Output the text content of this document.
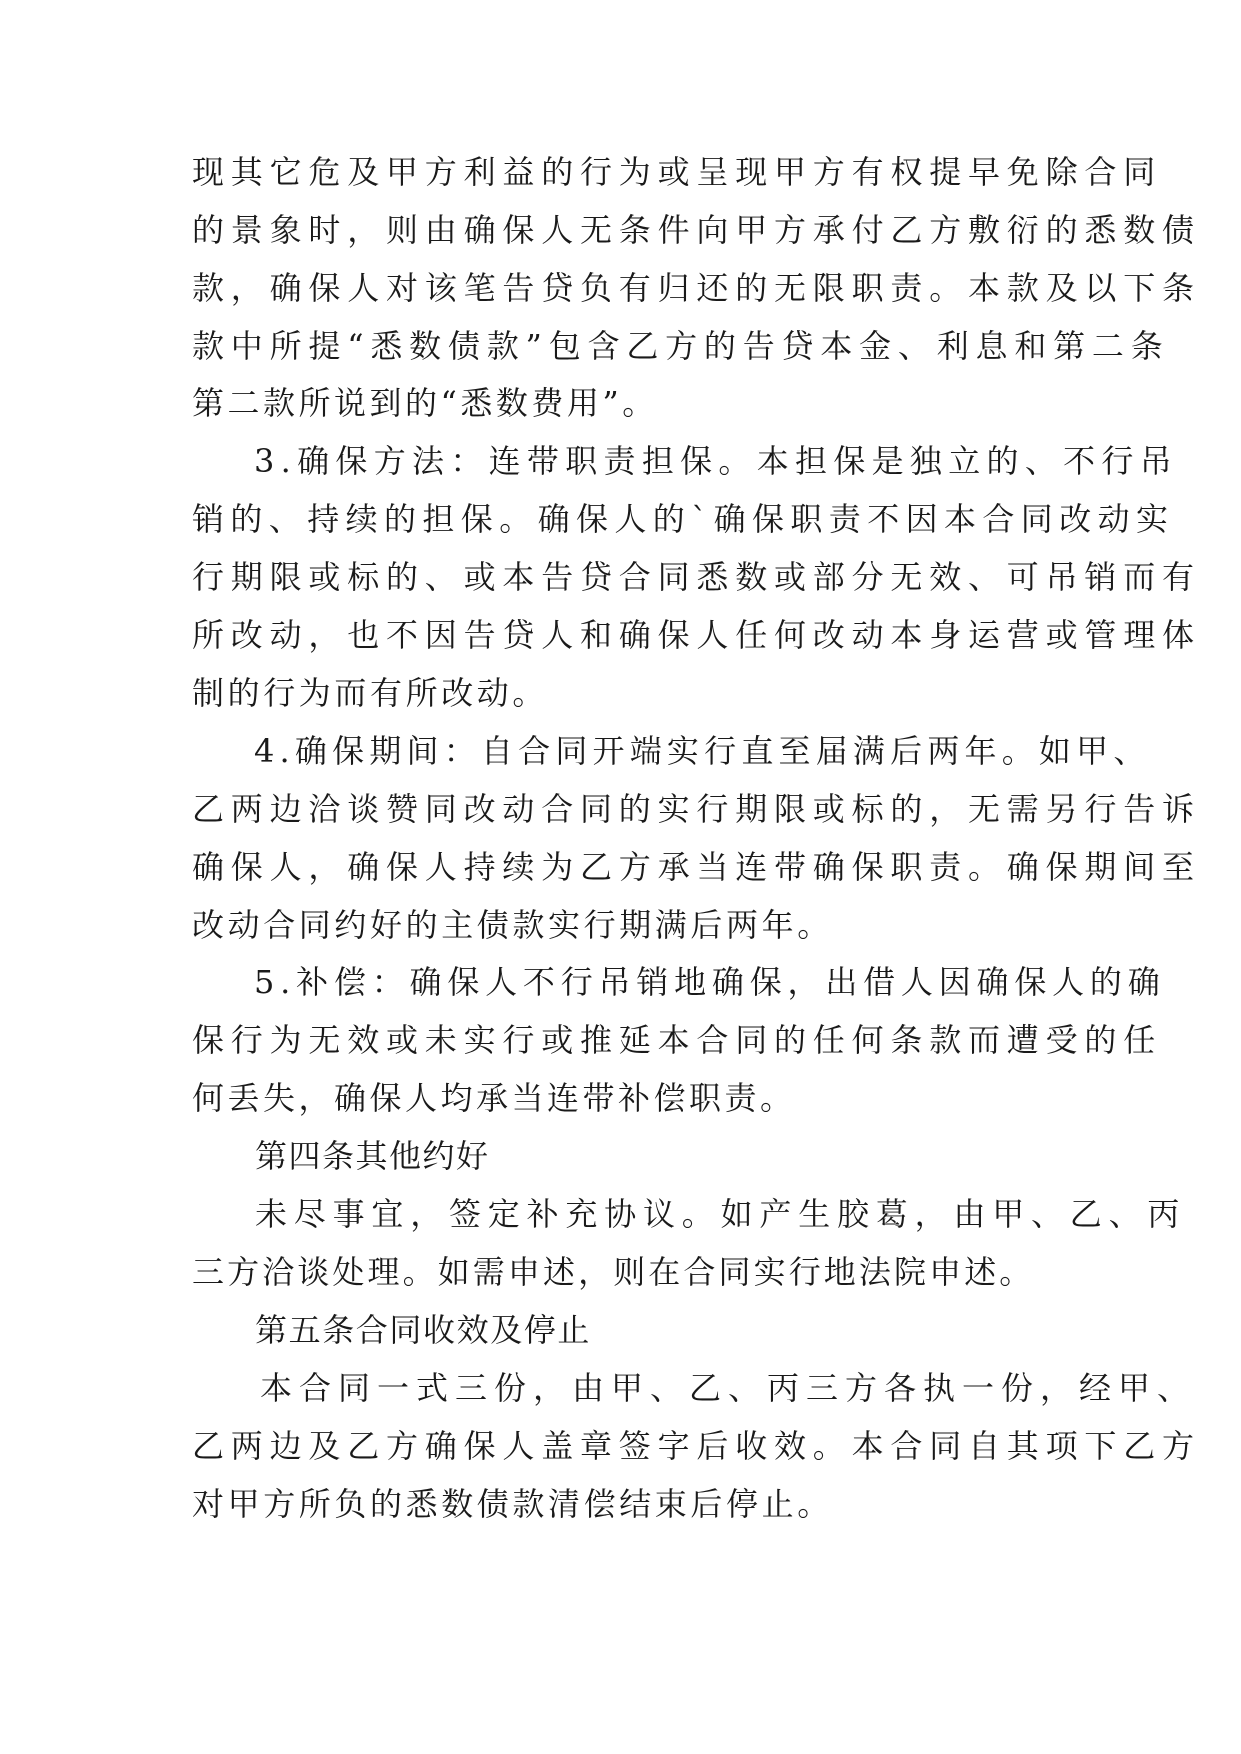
现其它危及甲方利益的行为或呈现甲方有权提早免除合同
的景象时，则由确保人无条件向甲方承付乙方敷衍的悉数债
款，确保人对该笔告贷负有归还的无限职责。本款及以下条
款中所提“悉数债款”包含乙方的告贷本金、利息和第二条
第二款所说到的“悉数费用”。
3.确保方法：连带职责担保。本担保是独立的、不行吊
销的、持续的担保。确保人的`确保职责不因本合同改动实
行期限或标的、或本告贷合同悉数或部分无效、可吊销而有
所改动，也不因告贷人和确保人任何改动本身运营或管理体
制的行为而有所改动。
4.确保期间：自合同开端实行直至届满后两年。如甲、
乙两边洽谈赞同改动合同的实行期限或标的，无需另行告诉
确保人，确保人持续为乙方承当连带确保职责。确保期间至
改动合同约好的主债款实行期满后两年。
5.补偿：确保人不行吊销地确保，出借人因确保人的确
保行为无效或未实行或推延本合同的任何条款而遭受的任
何丢失，确保人均承当连带补偿职责。
第四条其他约好
未尽事宜，签定补充协议。如产生胶葛，由甲、乙、丙
三方洽谈处理。如需申述，则在合同实行地法院申述。
第五条合同收效及停止
本合同一式三份，由甲、乙、丙三方各执一份，经甲、
乙两边及乙方确保人盖章签字后收效。本合同自其项下乙方
对甲方所负的悉数债款清偿结束后停止。
